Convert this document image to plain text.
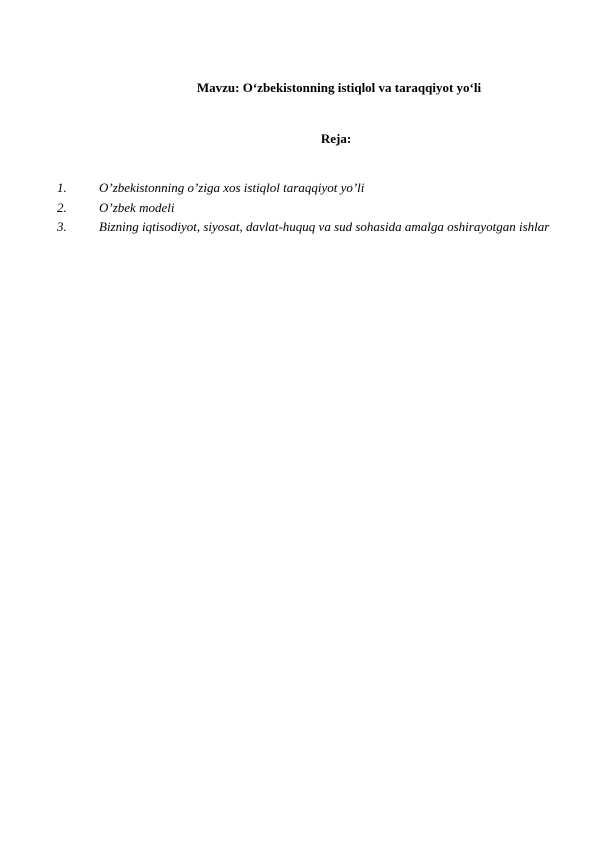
Mavzu: O‘zbekistonning istiqlol va taraqqiyot yo‘li
Reja:
1.	O’zbekistonning o’ziga xos istiqlol taraqqiyot yo’li
2.	O’zbek modeli
3.	Bizning iqtisodiyot, siyosat, davlat-huquq va sud sohasida amalga oshirayotgan ishlar
